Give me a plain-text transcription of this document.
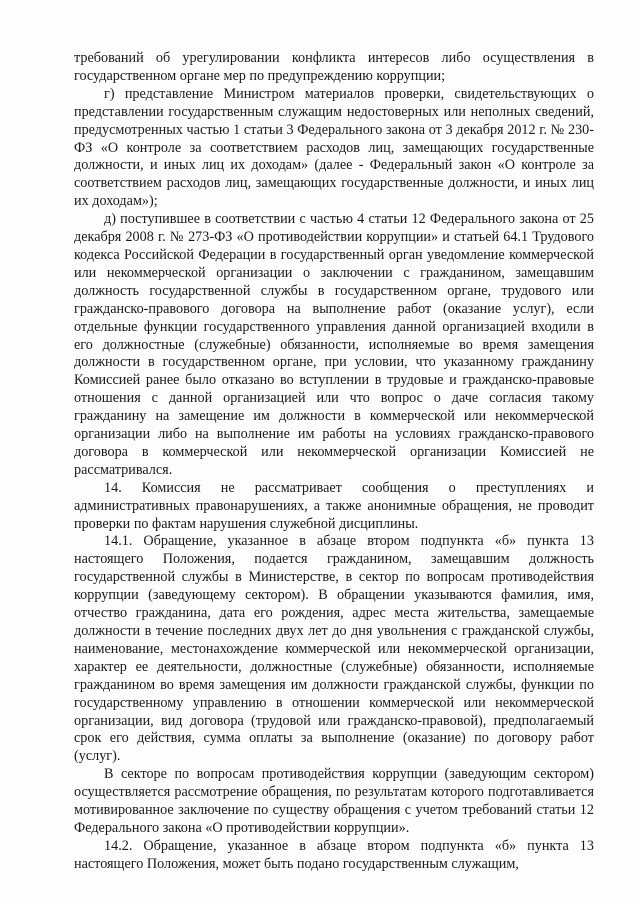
требований об урегулировании конфликта интересов либо осуществления в государственном органе мер по предупреждению коррупции;

г) представление Министром материалов проверки, свидетельствующих о представлении государственным служащим недостоверных или неполных сведений, предусмотренных частью 1 статьи 3 Федерального закона от 3 декабря 2012 г. № 230-ФЗ «О контроле за соответствием расходов лиц, замещающих государственные должности, и иных лиц их доходам» (далее - Федеральный закон «О контроле за соответствием расходов лиц, замещающих государственные должности, и иных лиц их доходам»);

д) поступившее в соответствии с частью 4 статьи 12 Федерального закона от 25 декабря 2008 г. № 273-ФЗ «О противодействии коррупции» и статьей 64.1 Трудового кодекса Российской Федерации в государственный орган уведомление коммерческой или некоммерческой организации о заключении с гражданином, замещавшим должность государственной службы в государственном органе, трудового или гражданско-правового договора на выполнение работ (оказание услуг), если отдельные функции государственного управления данной организацией входили в его должностные (служебные) обязанности, исполняемые во время замещения должности в государственном органе, при условии, что указанному гражданину Комиссией ранее было отказано во вступлении в трудовые и гражданско-правовые отношения с данной организацией или что вопрос о даче согласия такому гражданину на замещение им должности в коммерческой или некоммерческой организации либо на выполнение им работы на условиях гражданско-правового договора в коммерческой или некоммерческой организации Комиссией не рассматривался.

14. Комиссия не рассматривает сообщения о преступлениях и административных правонарушениях, а также анонимные обращения, не проводит проверки по фактам нарушения служебной дисциплины.

14.1. Обращение, указанное в абзаце втором подпункта «б» пункта 13 настоящего Положения, подается гражданином, замещавшим должность государственной службы в Министерстве, в сектор по вопросам противодействия коррупции (заведующему сектором). В обращении указываются фамилия, имя, отчество гражданина, дата его рождения, адрес места жительства, замещаемые должности в течение последних двух лет до дня увольнения с гражданской службы, наименование, местонахождение коммерческой или некоммерческой организации, характер ее деятельности, должностные (служебные) обязанности, исполняемые гражданином во время замещения им должности гражданской службы, функции по государственному управлению в отношении коммерческой или некоммерческой организации, вид договора (трудовой или гражданско-правовой), предполагаемый срок его действия, сумма оплаты за выполнение (оказание) по договору работ (услуг).

В секторе по вопросам противодействия коррупции (заведующим сектором) осуществляется рассмотрение обращения, по результатам которого подготавливается мотивированное заключение по существу обращения с учетом требований статьи 12 Федерального закона «О противодействии коррупции».

14.2. Обращение, указанное в абзаце втором подпункта «б» пункта 13 настоящего Положения, может быть подано государственным служащим,
